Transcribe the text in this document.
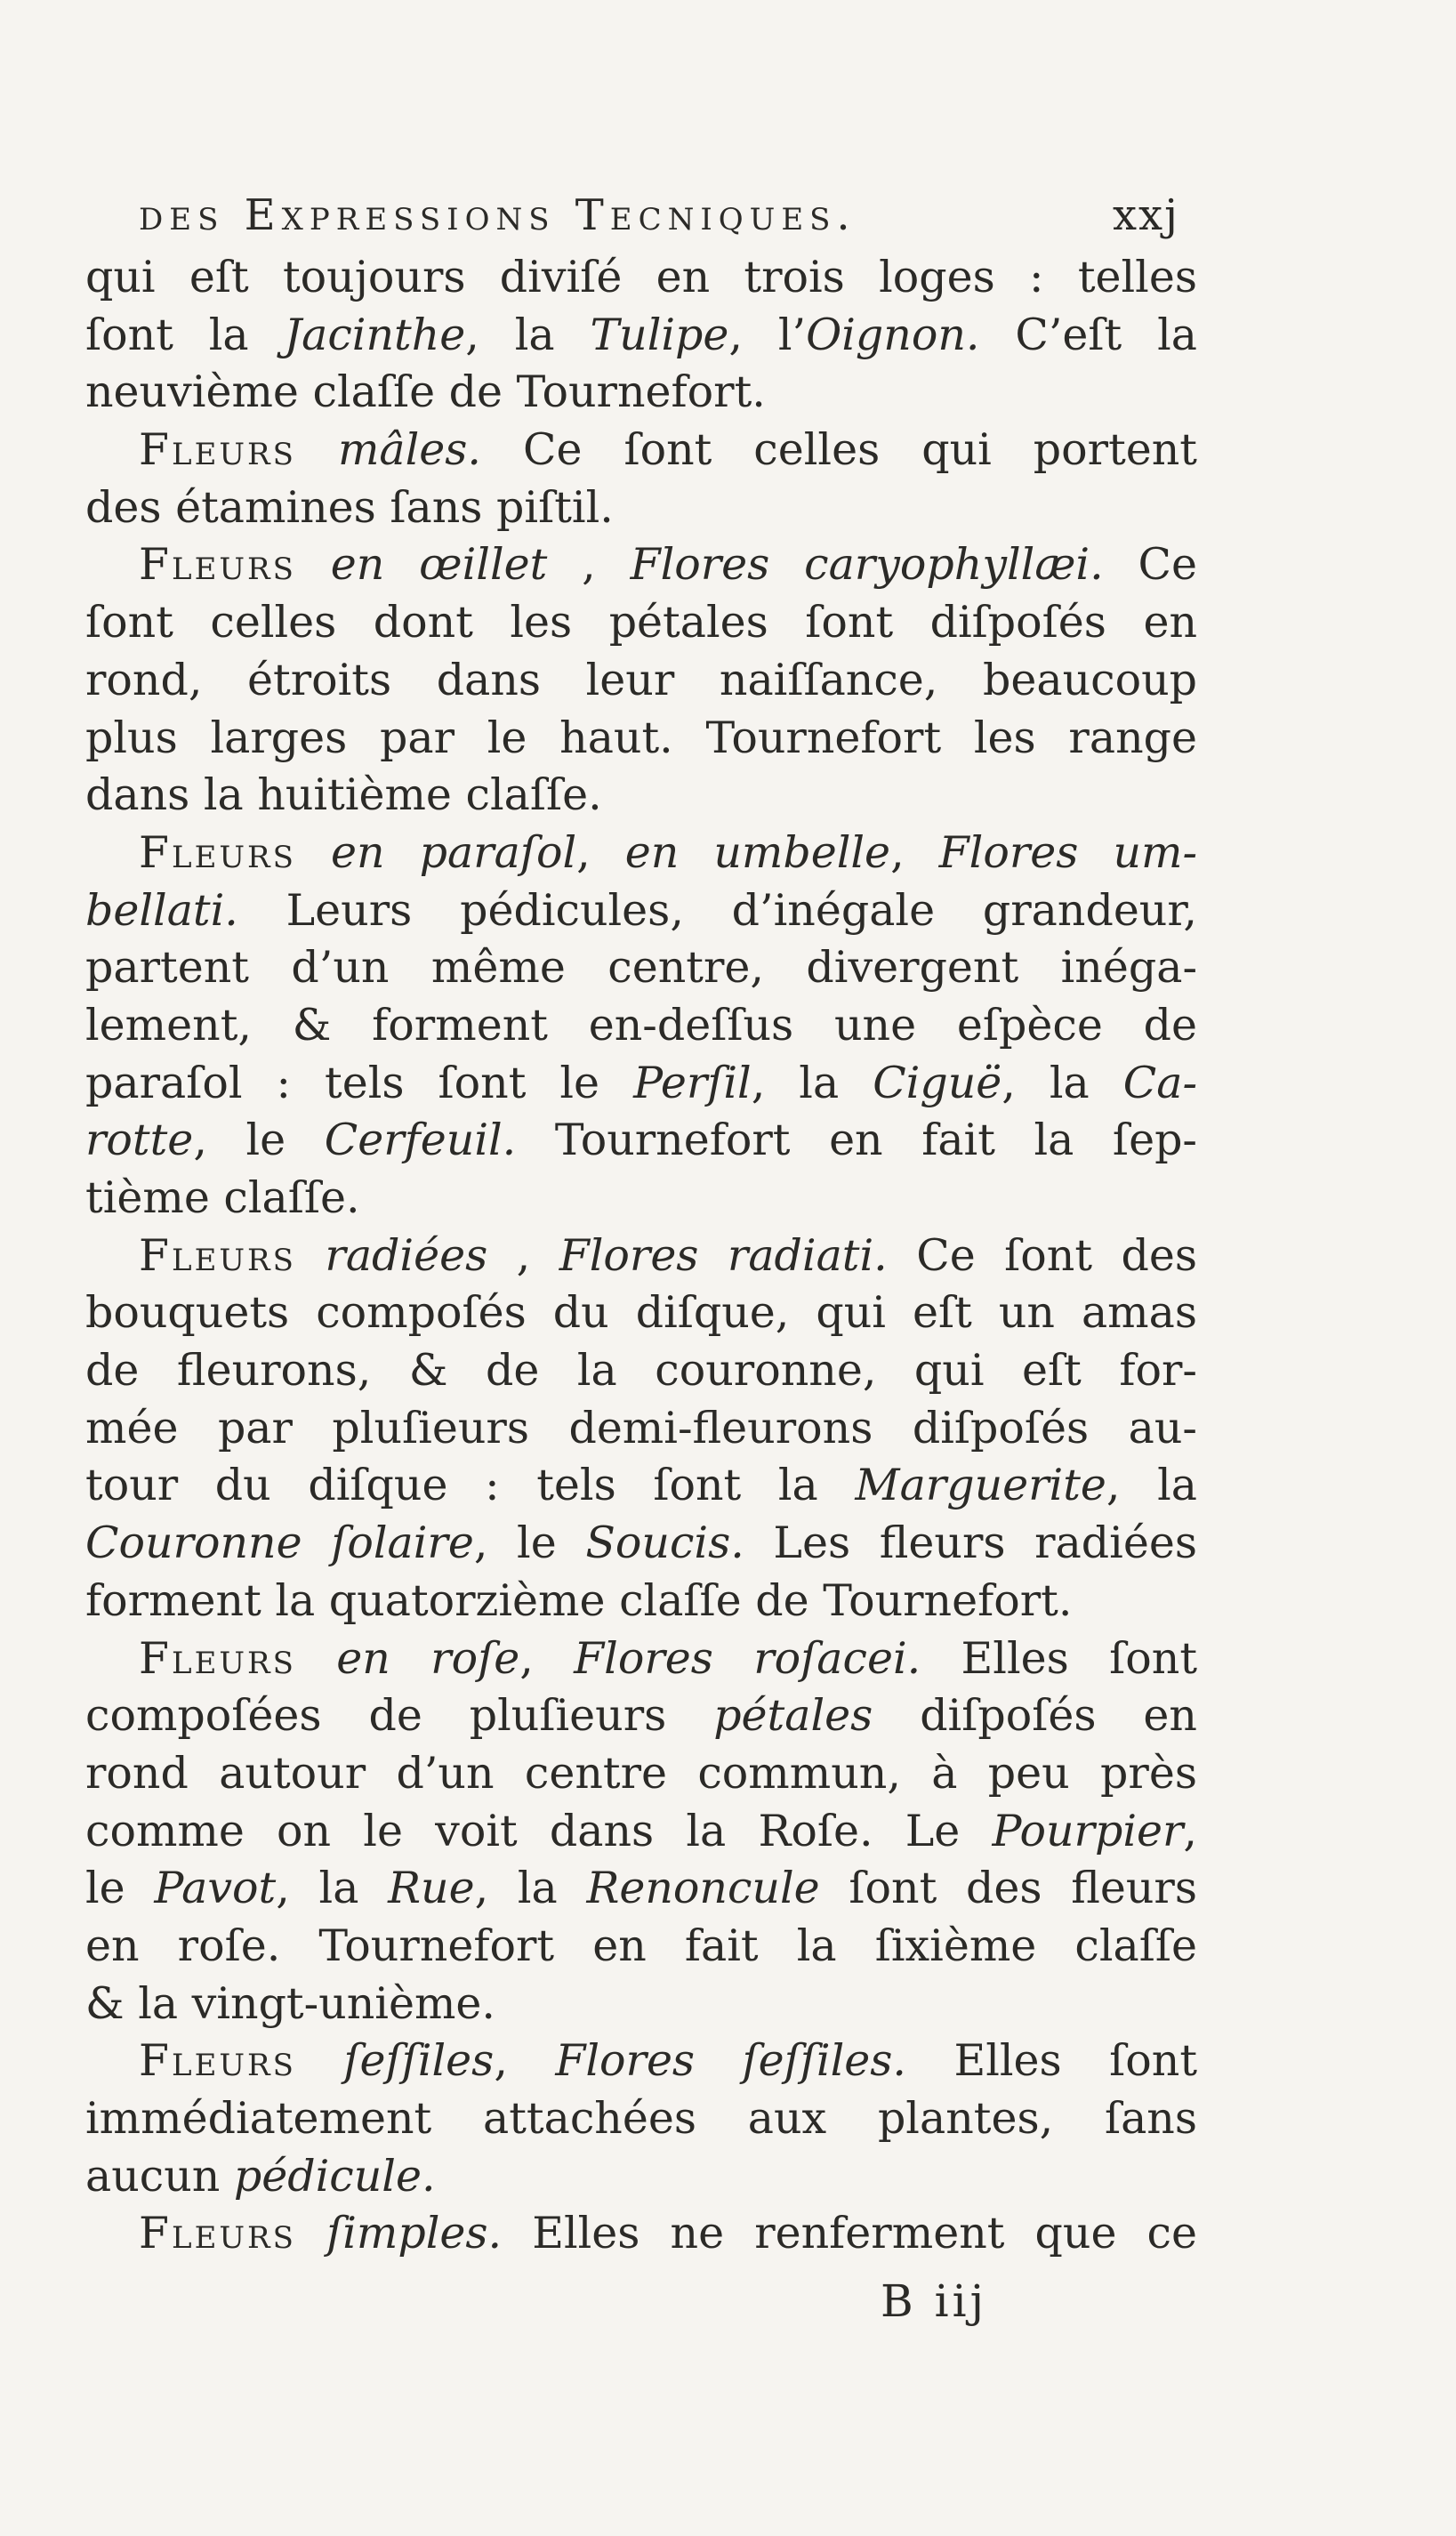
des Expressions Tecniques.	xxj
qui eſt toujours diviſé en trois loges : telles
ſont la Jacinthe, la Tulipe, l’Oignon. C’eſt la
neuvième claſſe de Tournefort.
Fleurs mâles. Ce ſont celles qui portent
des étamines ſans piſtil.
Fleurs en œillet , Flores caryophyllæi. Ce
ſont celles dont les pétales ſont diſpoſés en
rond, étroits dans leur naiſſance, beaucoup
plus larges par le haut. Tournefort les range
dans la huitième claſſe.
Fleurs en paraſol, en umbelle, Flores um-
bellati. Leurs pédicules, d’inégale grandeur,
partent d’un même centre, divergent inéga-
lement, & forment en-deſſus une eſpèce de
paraſol : tels ſont le Perſil, la Ciguë, la Ca-
rotte, le Cerfeuil. Tournefort en fait la ſep-
tième claſſe.
Fleurs radiées , Flores radiati. Ce ſont des
bouquets compoſés du diſque, qui eſt un amas
de fleurons, & de la couronne, qui eſt for-
mée par pluſieurs demi-fleurons diſpoſés au-
tour du diſque : tels ſont la Marguerite, la
Couronne ſolaire, le Soucis. Les fleurs radiées
forment la quatorzième claſſe de Tournefort.
Fleurs en roſe, Flores roſacei. Elles ſont
compoſées de pluſieurs pétales diſpoſés en
rond autour d’un centre commun, à peu près
comme on le voit dans la Roſe. Le Pourpier,
le Pavot, la Rue, la Renoncule ſont des fleurs
en roſe. Tournefort en fait la ſixième claſſe
& la vingt-unième.
Fleurs ſeſſiles, Flores ſeſſiles. Elles ſont
immédiatement attachées aux plantes, ſans
aucun pédicule.
Fleurs ſimples. Elles ne renferment que ce
B iij
